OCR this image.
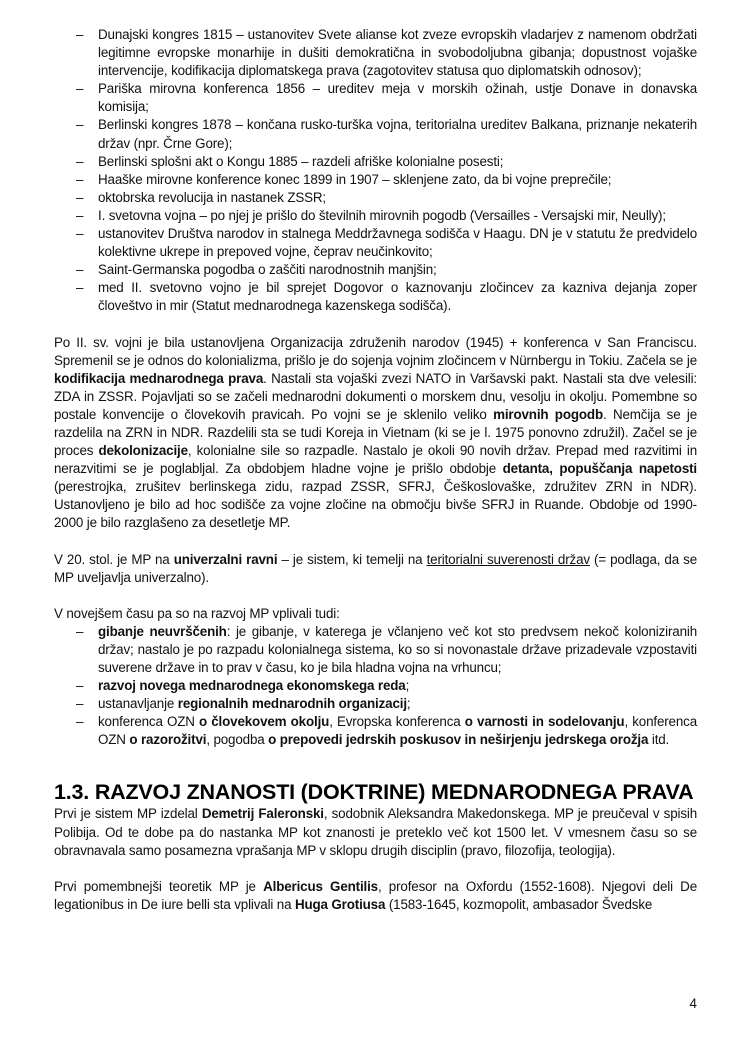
– Dunajski kongres 1815 – ustanovitev Svete alianse kot zveze evropskih vladarjev z namenom obdržati legitimne evropske monarhije in dušiti demokratična in svobodoljubna gibanja; dopustnost vojaške intervencije, kodifikacija diplomatskega prava (zagotovitev statusa quo diplomatskih odnosov);
– Pariška mirovna konferenca 1856 – ureditev meja v morskih ožinah, ustje Donave in donavska komisija;
– Berlinski kongres 1878 – končana rusko-turška vojna, teritorialna ureditev Balkana, priznanje nekaterih držav (npr. Črne Gore);
– Berlinski splošni akt o Kongu 1885 – razdeli afriške kolonialne posesti;
– Haaške mirovne konference konec 1899 in 1907 – sklenjene zato, da bi vojne preprečile;
– oktobrska revolucija in nastanek ZSSR;
– I. svetovna vojna – po njej je prišlo do številnih mirovnih pogodb (Versailles - Versajski mir, Neully);
– ustanovitev Društva narodov in stalnega Meddržavnega sodišča v Haagu. DN je v statutu že predvidelo kolektivne ukrepe in prepoved vojne, čeprav neučinkovito;
– Saint-Germanska pogodba o zaščiti narodnostnih manjšin;
– med II. svetovno vojno je bil sprejet Dogovor o kaznovanju zločincev za kazniva dejanja zoper človeštvo in mir (Statut mednarodnega kazenskega sodišča).

Po II. sv. vojni je bila ustanovljena Organizacija združenih narodov (1945) + konferenca v San Franciscu. Spremenil se je odnos do kolonializma, prišlo je do sojenja vojnim zločincem v Nürnbergu in Tokiu. Začela se je kodifikacija mednarodnega prava. Nastali sta vojaški zvezi NATO in Varšavski pakt. Nastali sta dve velesili: ZDA in ZSSR. Pojavljati so se začeli mednarodni dokumenti o morskem dnu, vesolju in okolju. Pomembne so postale konvencije o človekovih pravicah. Po vojni se je sklenilo veliko mirovnih pogodb. Nemčija se je razdelila na ZRN in NDR. Razdelili sta se tudi Koreja in Vietnam (ki se je l. 1975 ponovno združil). Začel se je proces dekolonizacije, kolonialne sile so razpadle. Nastalo je okoli 90 novih držav. Prepad med razvitimi in nerazvitimi se je poglabljal. Za obdobjem hladne vojne je prišlo obdobje detanta, popuščanja napetosti (perestrojka, zrušitev berlinskega zidu, razpad ZSSR, SFRJ, Češkoslovaške, združitev ZRN in NDR). Ustanovljeno je bilo ad hoc sodišče za vojne zločine na območju bivše SFRJ in Ruande. Obdobje od 1990-2000 je bilo razglašeno za desetletje MP.

V 20. stol. je MP na univerzalni ravni – je sistem, ki temelji na teritorialni suverenosti držav (= podlaga, da se MP uveljavlja univerzalno).

V novejšem času pa so na razvoj MP vplivali tudi:

– gibanje neuvrščenih: je gibanje, v katerega je včlanjeno več kot sto predvsem nekoč koloniziranih držav; nastalo je po razpadu kolonialnega sistema, ko so si novonastale države prizadevale vzpostaviti suverene države in to prav v času, ko je bila hladna vojna na vrhuncu;
– razvoj novega mednarodnega ekonomskega reda;
– ustanavljanje regionalnih mednarodnih organizacij;
– konferenca OZN o človekovem okolju, Evropska konferenca o varnosti in sodelovanju, konferenca OZN o razorožitvi, pogodba o prepovedi jedrskih poskusov in neširjenju jedrskega orožja itd.
1.3. RAZVOJ ZNANOSTI (DOKTRINE) MEDNARODNEGA PRAVA

Prvi je sistem MP izdelal Demetrij Faleronski, sodobnik Aleksandra Makedonskega. MP je preučeval v spisih Polibija. Od te dobe pa do nastanka MP kot znanosti je preteklo več kot 1500 let. V vmesnem času so se obravnavala samo posamezna vprašanja MP v sklopu drugih disciplin (pravo, filozofija, teologija).

Prvi pomembnejši teoretik MP je Albericus Gentilis, profesor na Oxfordu (1552-1608). Njegovi deli De legationibus in De iure belli sta vplivali na Huga Grotiusa (1583-1645, kozmopolit, ambasador Švedske

4
